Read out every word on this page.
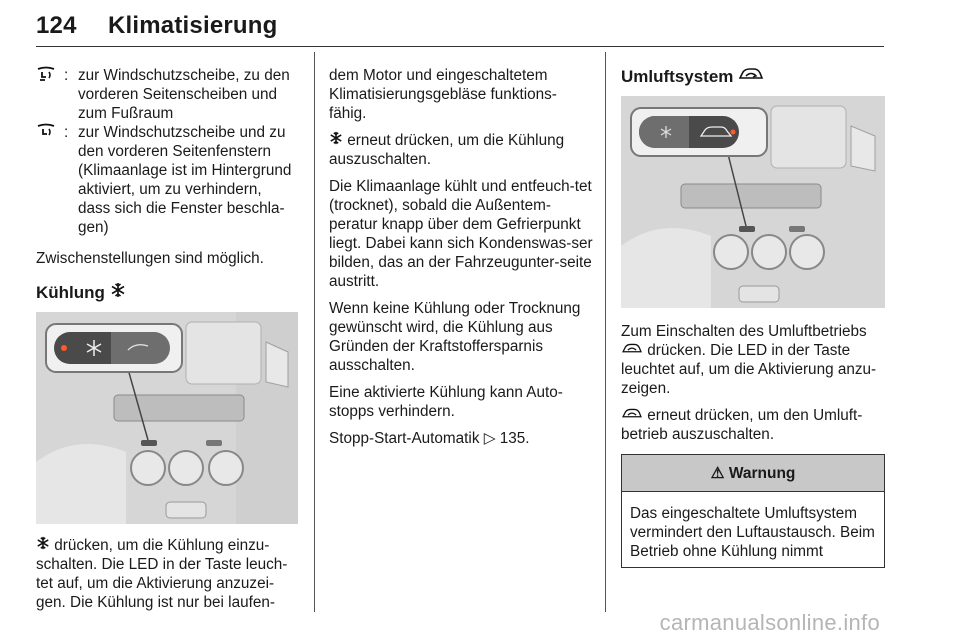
124 Klimatisierung
: zur Windschutzscheibe, zu den vorderen Seitenscheiben und zum Fußraum
: zur Windschutzscheibe und zu den vorderen Seitenfenstern (Klimaanlage ist im Hintergrund aktiviert, um zu verhindern, dass sich die Fenster beschla-gen)

Zwischenstellungen sind möglich.

Kühlung

drücken, um die Kühlung einzu-schalten. Die LED in der Taste leuch-tet auf, um die Aktivierung anzuzei-gen. Die Kühlung ist nur bei laufen-

dem Motor und eingeschaltetem Klimatisierungsgebläse funktions-fähig.

erneut drücken, um die Kühlung auszuschalten.

Die Klimaanlage kühlt und entfeuch-tet (trocknet), sobald die Außentem-peratur knapp über dem Gefrierpunkt liegt. Dabei kann sich Kondenswas-ser bilden, das an der Fahrzeugunter-seite austritt.

Wenn keine Kühlung oder Trocknung gewünscht wird, die Kühlung aus Gründen der Kraftstoffersparnis ausschalten.

Eine aktivierte Kühlung kann Auto-stopps verhindern.

Stopp-Start-Automatik ▷ 135.

Umluftsystem

Zum Einschalten des Umluftbetriebs  drücken. Die LED in der Taste leuchtet auf, um die Aktivierung anzu-zeigen.

erneut drücken, um den Umluft-betrieb auszuschalten.

⚠ Warnung
Das eingeschaltete Umluftsystem vermindert den Luftaustausch. Beim Betrieb ohne Kühlung nimmt
carmanualsonline.info
